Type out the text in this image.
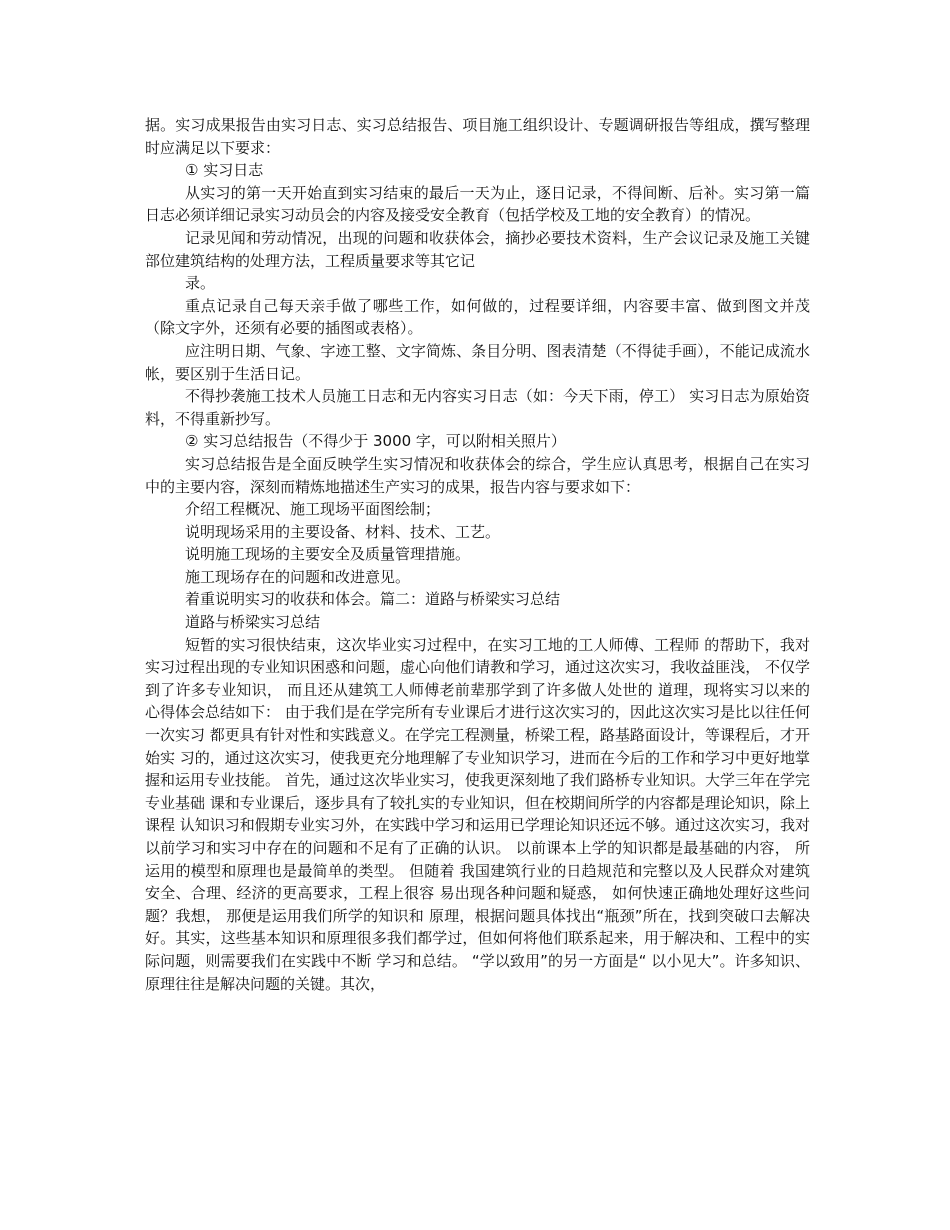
据。实习成果报告由实习日志、实习总结报告、项目施工组织设计、专题调研报告等组成，撰写整理时应满足以下要求：

① 实习日志

从实习的第一天开始直到实习结束的最后一天为止，逐日记录，不得间断、后补。实习第一篇日志必须详细记录实习动员会的内容及接受安全教育（包括学校及工地的安全教育）的情况。

记录见闻和劳动情况，出现的问题和收获体会，摘抄必要技术资料，生产会议记录及施工关键部位建筑结构的处理方法，工程质量要求等其它记

录。

重点记录自己每天亲手做了哪些工作，如何做的，过程要详细，内容要丰富、做到图文并茂（除文字外，还须有必要的插图或表格）。

应注明日期、气象、字迹工整、文字简炼、条目分明、图表清楚（不得徒手画），不能记成流水帐，要区别于生活日记。

不得抄袭施工技术人员施工日志和无内容实习日志（如：今天下雨，停工） 实习日志为原始资料，不得重新抄写。

② 实习总结报告（不得少于 3000 字，可以附相关照片）

实习总结报告是全面反映学生实习情况和收获体会的综合，学生应认真思考，根据自己在实习中的主要内容，深刻而精炼地描述生产实习的成果，报告内容与要求如下：

介绍工程概况、施工现场平面图绘制；

说明现场采用的主要设备、材料、技术、工艺。

说明施工现场的主要安全及质量管理措施。

施工现场存在的问题和改进意见。

着重说明实习的收获和体会。篇二：道路与桥梁实习总结

道路与桥梁实习总结

短暂的实习很快结束，这次毕业实习过程中，在实习工地的工人师傅、工程师 的帮助下，我对实习过程出现的专业知识困惑和问题，虚心向他们请教和学习，通过这次实习，我收益匪浅， 不仅学到了许多专业知识， 而且还从建筑工人师傅老前辈那学到了许多做人处世的 道理，现将实习以来的心得体会总结如下： 由于我们是在学完所有专业课后才进行这次实习的，因此这次实习是比以往任何一次实习 都更具有针对性和实践意义。在学完工程测量，桥梁工程，路基路面设计，等课程后，才开始实 习的，通过这次实习，使我更充分地理解了专业知识学习，进而在今后的工作和学习中更好地掌 握和运用专业技能。 首先，通过这次毕业实习，使我更深刻地了我们路桥专业知识。大学三年在学完专业基础 课和专业课后，逐步具有了较扎实的专业知识，但在校期间所学的内容都是理论知识，除上课程 认知识习和假期专业实习外，在实践中学习和运用已学理论知识还远不够。通过这次实习，我对 以前学习和实习中存在的问题和不足有了正确的认识。 以前课本上学的知识都是最基础的内容， 所运用的模型和原理也是最简单的类型。 但随着 我国建筑行业的日趋规范和完整以及人民群众对建筑安全、合理、经济的更高要求，工程上很容 易出现各种问题和疑惑， 如何快速正确地处理好这些问题？我想， 那便是运用我们所学的知识和 原理，根据问题具体找出“瓶颈”所在，找到突破口去解决好。其实，这些基本知识和原理很多我们都学过，但如何将他们联系起来，用于解决和、工程中的实际问题，则需要我们在实践中不断 学习和总结。 “学以致用”的另一方面是“ 以小见大”。许多知识、原理往往是解决问题的关键。其次，
